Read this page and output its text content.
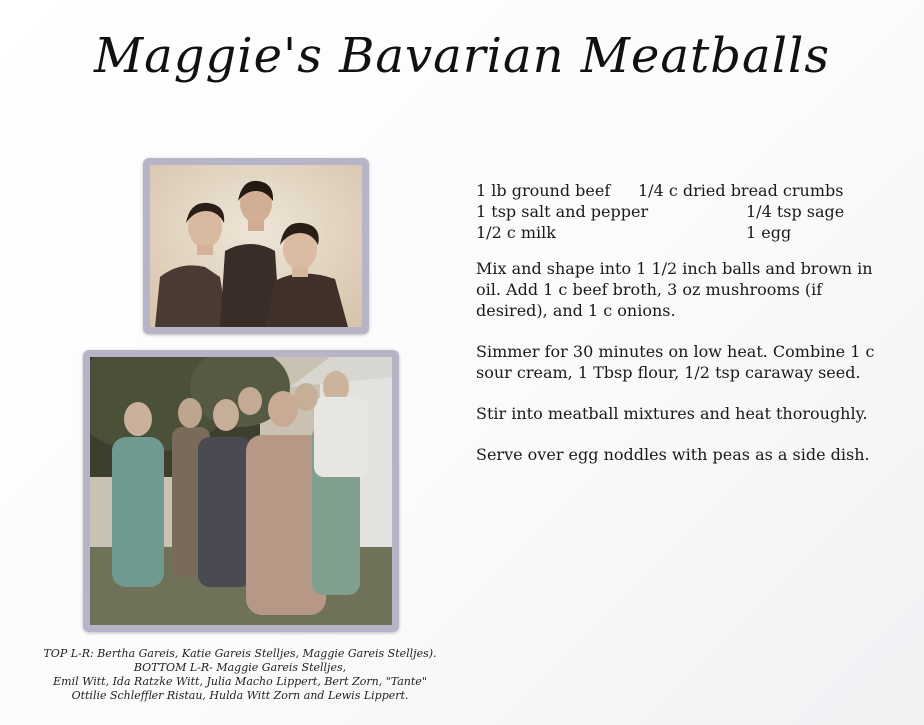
Maggie's Bavarian Meatballs
1 lb ground beef	1/4 c dried bread crumbs
1 tsp salt and pepper	1/4 tsp sage
1/2 c milk	1 egg

Mix and shape into 1 1/2 inch balls and brown in oil. Add 1 c beef broth, 3 oz mushrooms (if desired), and 1 c onions.

Simmer for 30 minutes on low heat. Combine 1 c sour cream, 1 Tbsp flour, 1/2 tsp caraway seed.

Stir into meatball mixtures and heat thoroughly.

Serve over egg noddles with peas as a side dish.

TOP L-R: Bertha Gareis, Katie Gareis Stelljes, Maggie Gareis Stelljes).
BOTTOM L-R- Maggie Gareis Stelljes,
Emil Witt, Ida Ratzke Witt, Julia Macho Lippert, Bert Zorn, "Tante"
Ottilie Schleffler Ristau, Hulda Witt Zorn and Lewis Lippert.
